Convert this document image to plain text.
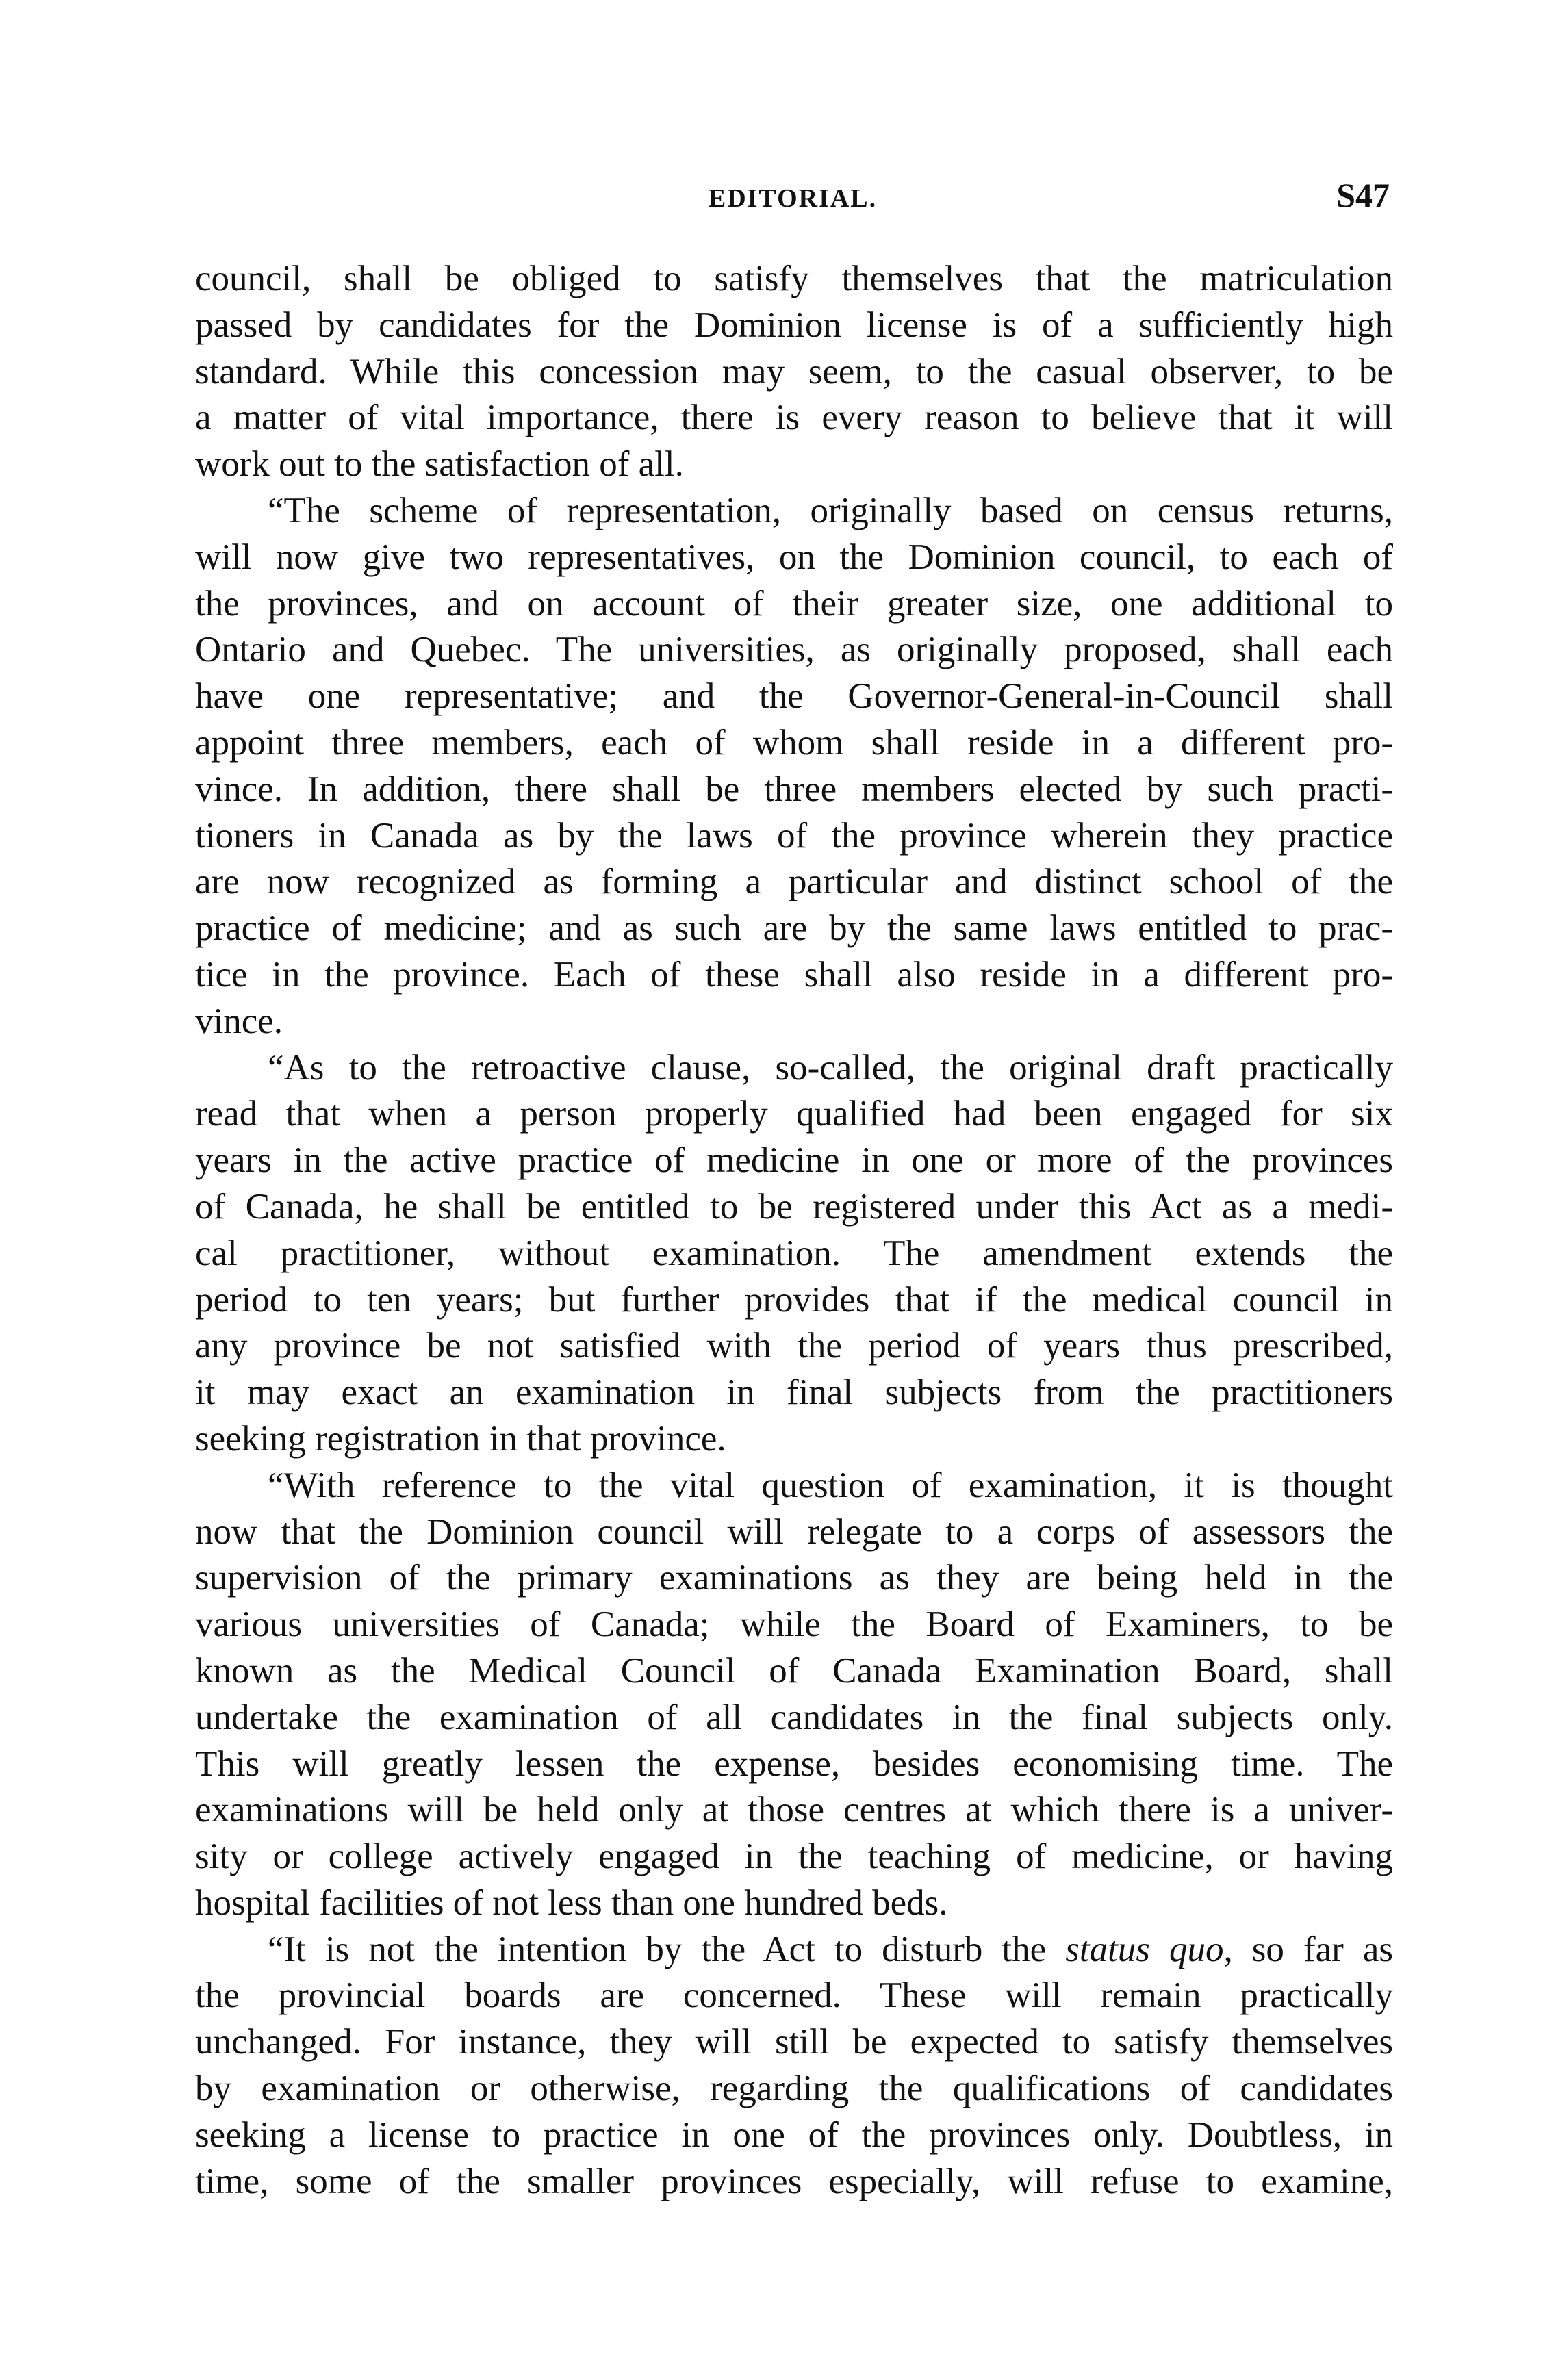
EDITORIAL.	S47
council, shall be obliged to satisfy themselves that the matriculation
passed by candidates for the Dominion license is of a sufficiently high
standard. While this concession may seem, to the casual observer, to be
a matter of vital importance, there is every reason to believe that it will
work out to the satisfaction of all.
“The scheme of representation, originally based on census returns,
will now give two representatives, on the Dominion council, to each of
the provinces, and on account of their greater size, one additional to
Ontario and Quebec. The universities, as originally proposed, shall each
have one representative; and the Governor-General-in-Council shall
appoint three members, each of whom shall reside in a different pro-
vince. In addition, there shall be three members elected by such practi-
tioners in Canada as by the laws of the province wherein they practice
are now recognized as forming a particular and distinct school of the
practice of medicine; and as such are by the same laws entitled to prac-
tice in the province. Each of these shall also reside in a different pro-
vince.
“As to the retroactive clause, so-called, the original draft practically
read that when a person properly qualified had been engaged for six
years in the active practice of medicine in one or more of the provinces
of Canada, he shall be entitled to be registered under this Act as a medi-
cal practitioner, without examination. The amendment extends the
period to ten years; but further provides that if the medical council in
any province be not satisfied with the period of years thus prescribed,
it may exact an examination in final subjects from the practitioners
seeking registration in that province.
“With reference to the vital question of examination, it is thought
now that the Dominion council will relegate to a corps of assessors the
supervision of the primary examinations as they are being held in the
various universities of Canada; while the Board of Examiners, to be
known as the Medical Council of Canada Examination Board, shall
undertake the examination of all candidates in the final subjects only.
This will greatly lessen the expense, besides economising time. The
examinations will be held only at those centres at which there is a univer-
sity or college actively engaged in the teaching of medicine, or having
hospital facilities of not less than one hundred beds.
“It is not the intention by the Act to disturb the status quo, so far as
the provincial boards are concerned. These will remain practically
unchanged. For instance, they will still be expected to satisfy themselves
by examination or otherwise, regarding the qualifications of candidates
seeking a license to practice in one of the provinces only. Doubtless, in
time, some of the smaller provinces especially, will refuse to examine,
